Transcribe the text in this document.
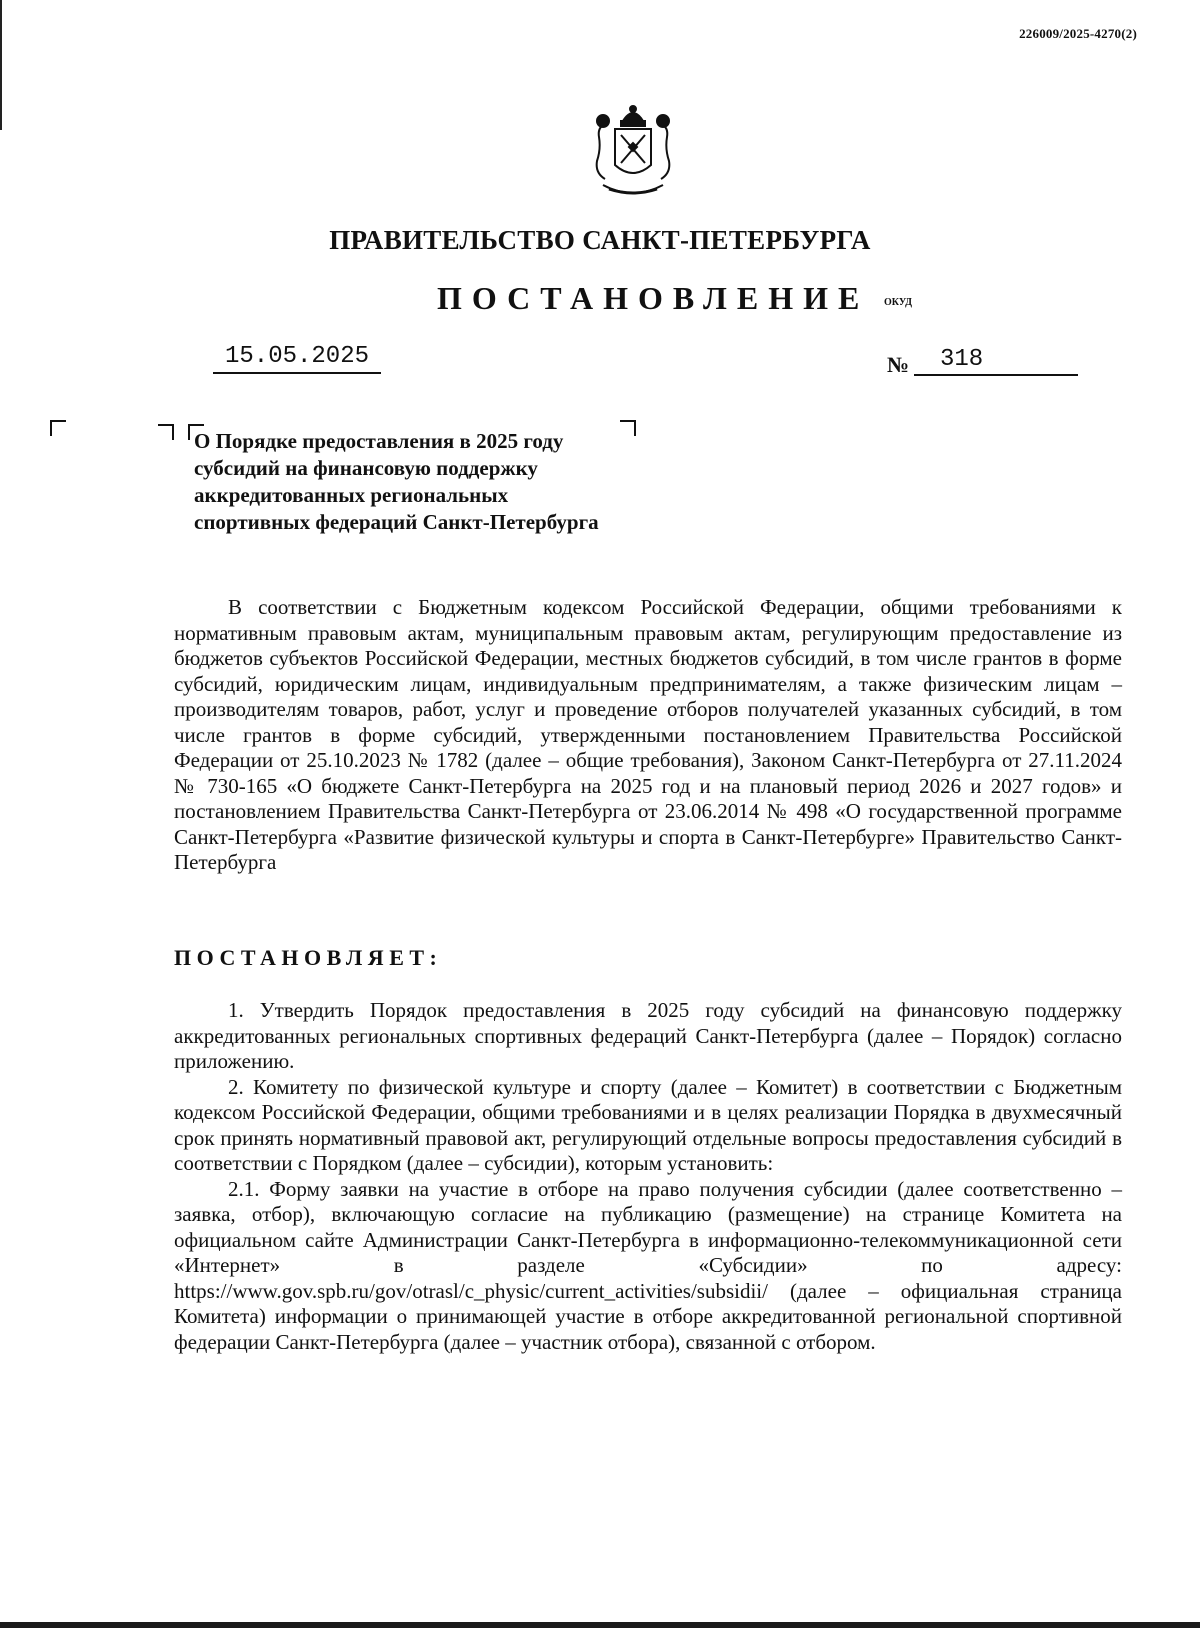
226009/2025-4270(2)
ПРАВИТЕЛЬСТВО САНКТ-ПЕТЕРБУРГА
ПОСТАНОВЛЕНИЕ ОКУД
15.05.2025	№	318
О Порядке предоставления в 2025 году
субсидий на финансовую поддержку
аккредитованных региональных
спортивных федераций Санкт-Петербурга

В соответствии с Бюджетным кодексом Российской Федерации, общими требованиями к нормативным правовым актам, муниципальным правовым актам, регулирующим предоставление из бюджетов субъектов Российской Федерации, местных бюджетов субсидий, в том числе грантов в форме субсидий, юридическим лицам, индивидуальным предпринимателям, а также физическим лицам – производителям товаров, работ, услуг и проведение отборов получателей указанных субсидий, в том числе грантов в форме субсидий, утвержденными постановлением Правительства Российской Федерации от 25.10.2023 № 1782 (далее – общие требования), Законом Санкт-Петербурга от 27.11.2024 № 730-165 «О бюджете Санкт-Петербурга на 2025 год и на плановый период 2026 и 2027 годов» и постановлением Правительства Санкт-Петербурга от 23.06.2014 № 498 «О государственной программе Санкт-Петербурга «Развитие физической культуры и спорта в Санкт-Петербурге» Правительство Санкт-Петербурга

ПОСТАНОВЛЯЕТ:

1. Утвердить Порядок предоставления в 2025 году субсидий на финансовую поддержку аккредитованных региональных спортивных федераций Санкт-Петербурга (далее – Порядок) согласно приложению.

2. Комитету по физической культуре и спорту (далее – Комитет) в соответствии с Бюджетным кодексом Российской Федерации, общими требованиями и в целях реализации Порядка в двухмесячный срок принять нормативный правовой акт, регулирующий отдельные вопросы предоставления субсидий в соответствии с Порядком (далее – субсидии), которым установить:

2.1. Форму заявки на участие в отборе на право получения субсидии (далее соответственно – заявка, отбор), включающую согласие на публикацию (размещение) на странице Комитета на официальном сайте Администрации Санкт-Петербурга в информационно-телекоммуникационной сети «Интернет» в разделе «Субсидии» по адресу: https://www.gov.spb.ru/gov/otrasl/c_physic/current_activities/subsidii/ (далее – официальная страница Комитета) информации о принимающей участие в отборе аккредитованной региональной спортивной федерации Санкт-Петербурга (далее – участник отбора), связанной с отбором.
